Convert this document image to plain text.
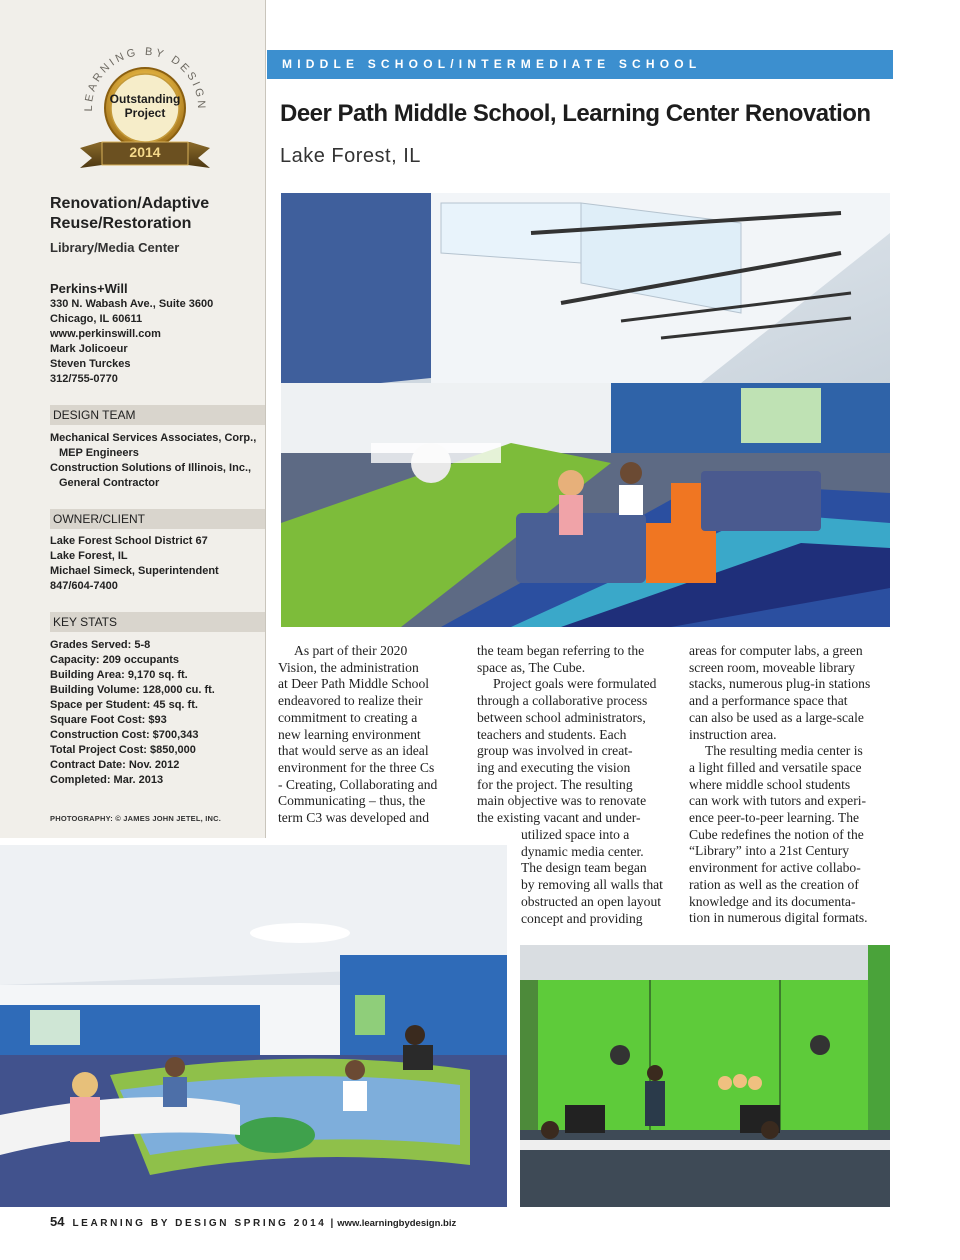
LEARNING BY DESIGN
Outstanding
Project
2014
Renovation/Adaptive
Reuse/Restoration
Library/Media Center
Perkins+Will
330 N. Wabash Ave., Suite 3600
Chicago, IL 60611
www.perkinswill.com
Mark Jolicoeur
Steven Turckes
312/755-0770
DESIGN TEAM
Mechanical Services Associates, Corp.,
MEP Engineers
Construction Solutions of Illinois, Inc.,
General Contractor
OWNER/CLIENT
Lake Forest School District 67
Lake Forest, IL
Michael Simeck, Superintendent
847/604-7400
KEY STATS
Grades Served: 5-8
Capacity: 209 occupants
Building Area: 9,170 sq. ft.
Building Volume: 128,000 cu. ft.
Space per Student: 45 sq. ft.
Square Foot Cost: $93
Construction Cost: $700,343
Total Project Cost: $850,000
Contract Date: Nov. 2012
Completed: Mar. 2013
PHOTOGRAPHY: © JAMES JOHN JETEL, INC.
MIDDLE SCHOOL/INTERMEDIATE SCHOOL
Deer Path Middle School, Learning Center Renovation
Lake Forest, IL
As part of their 2020
Vision, the administration
at Deer Path Middle School
endeavored to realize their
commitment to creating a
new learning environment
that would serve as an ideal
environment for the three Cs
- Creating, Collaborating and
Communicating – thus, the
term C3 was developed and
the team began referring to the
space as, The Cube.
Project goals were formulated
through a collaborative process
between school administrators,
teachers and students. Each
group was involved in creat-
ing and executing the vision
for the project. The resulting
main objective was to renovate
the existing vacant and under-
utilized space into a
dynamic media center.
The design team began
by removing all walls that
obstructed an open layout
concept and providing
areas for computer labs, a green
screen room, moveable library
stacks, numerous plug-in stations
and a performance space that
can also be used as a large-scale
instruction area.
The resulting media center is
a light filled and versatile space
where middle school students
can work with tutors and experi-
ence peer-to-peer learning. The
Cube redefines the notion of the
“Library” into a 21st Century
environment for active collabo-
ration as well as the creation of
knowledge and its documenta-
tion in numerous digital formats.
54 LEARNING BY DESIGN SPRING 2014 | www.learningbydesign.biz
